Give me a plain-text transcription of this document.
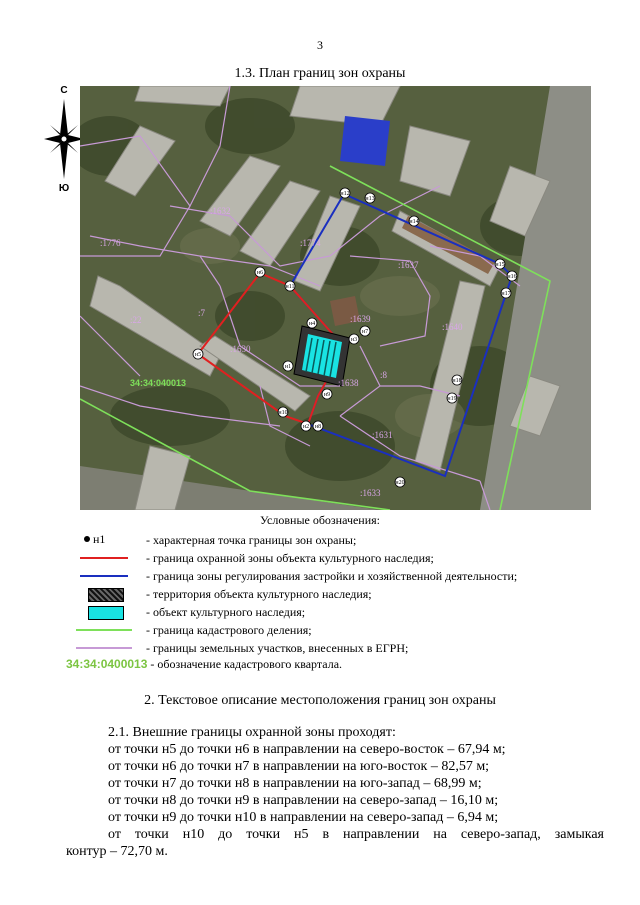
3
1.3. План границ зон охраны
С
Ю
н6
н5
н11
н12
н13
н14
н15
н16
н17
н18
н19
н20
н10
н2
н4
н7
н3
н9
н1
н8
:1632
:22
:1776	:1774
:1630
:1638
:1639
:1637
:1640
:1631
:7
:1633
:8
34:34:040013
Условные обозначения:
н1	- характерная точка границы зон охраны;
- граница охранной зоны объекта культурного наследия;
- граница зоны регулирования застройки и хозяйственной деятельности;
- территория объекта культурного наследия;
- объект культурного наследия;
- граница кадастрового деления;
- границы земельных участков, внесенных в ЕГРН;
34:34:0400013 - обозначение кадастрового квартала.
2. Текстовое описание местоположения границ зон охраны

2.1. Внешние границы охранной зоны проходят:

от точки н5 до точки н6 в направлении на северо-восток – 67,94 м;

от точки н6 до точки н7 в направлении на юго-восток – 82,57 м;

от точки н7 до точки н8 в направлении на юго-запад – 68,99 м;

от точки н8 до точки н9 в направлении на северо-запад – 16,10 м;

от точки н9 до точки н10 в направлении на северо-запад – 6,94 м;

от точки н10 до точки н5 в направлении на северо-запад, замыкая

контур – 72,70 м.
